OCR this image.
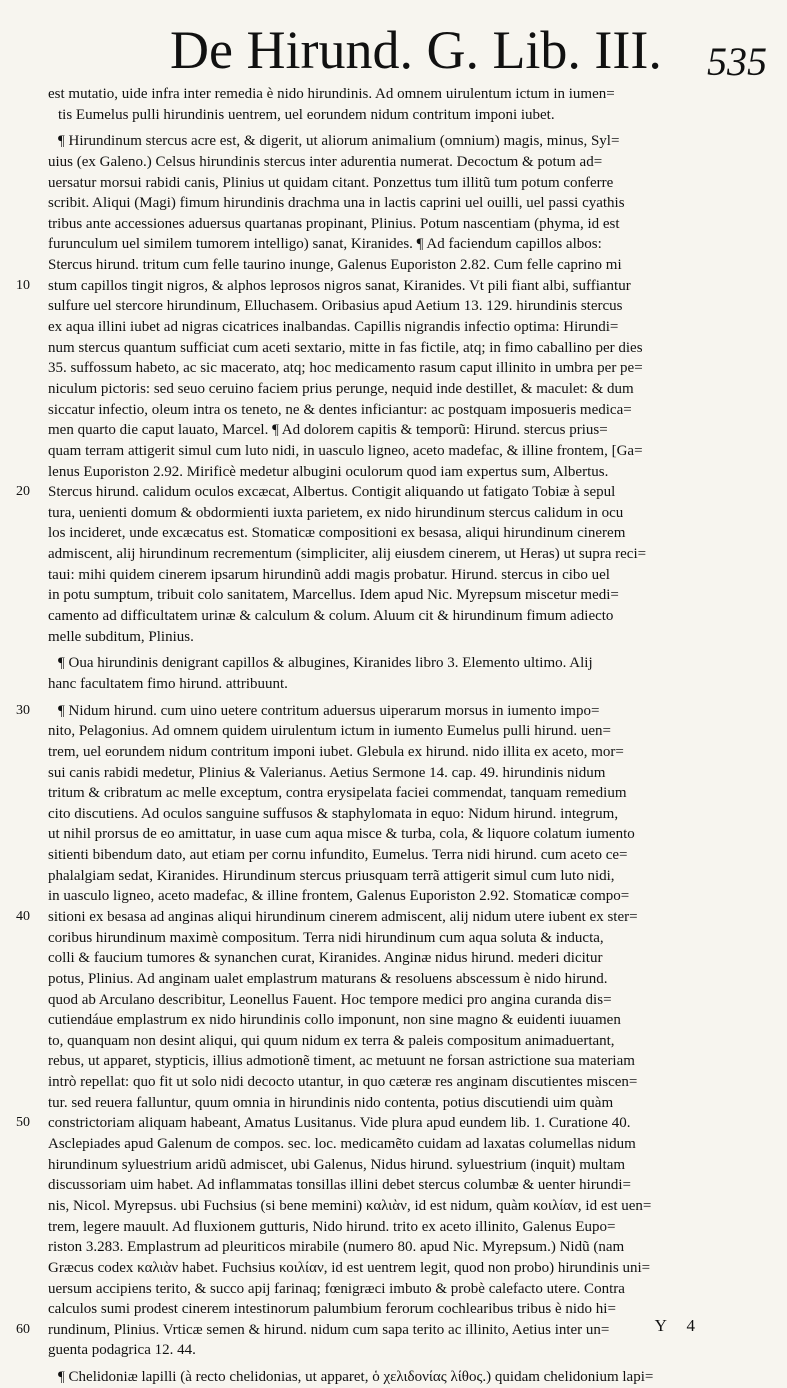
De Hirund. G. Lib. III. 535
est mutatio, uide infra inter remedia è nido hirundinis. Ad omnem uirulentum ictum in iumen=
tis Eumelus pulli hirundinis uentrem, uel eorundem nidum contritum imponi iubet.
¶ Hirundinum stercus acre est, & digerit, ut aliorum animalium (omnium) magis, minus, Syl=
uius (ex Galeno.) Celsus hirundinis stercus inter adurentia numerat. Decoctum & potum ad=
uersatur morsui rabidi canis, Plinius ut quidam citant. Ponzettus tum illitũ tum potum conferre
scribit. Aliqui (Magi) fimum hirundinis drachma una in lactis caprini uel ouilli, uel passi cyathis
tribus ante accessiones aduersus quartanas propinant, Plinius. Potum nascentiam (phyma, id est
furunculum uel similem tumorem intelligo) sanat, Kiranides. ¶ Ad faciendum capillos albos:
Stercus hirund. tritum cum felle taurino inunge, Galenus Euporiston 2.82. Cum felle caprino mi
10	stum capillos tingit nigros, & alphos leprosos nigros sanat, Kiranides. Vt pili fiant albi, suffiantur
sulfure uel stercore hirundinum, Elluchasem. Oribasius apud Aetium 13. 129. hirundinis stercus
ex aqua illini iubet ad nigras cicatrices inalbandas. Capillis nigrandis infectio optima: Hirundi=
num stercus quantum sufficiat cum aceti sextario, mitte in fas fictile, atq; in fimo caballino per dies
35. suffossum habeto, ac sic macerato, atq; hoc medicamento rasum caput illinito in umbra per pe=
niculum pictoris: sed seuo ceruino faciem prius perunge, nequid inde destillet, & maculet: & dum
siccatur infectio, oleum intra os teneto, ne & dentes inficiantur: ac postquam imposueris medica=
men quarto die caput lauato, Marcel. ¶ Ad dolorem capitis & temporũ: Hirund. stercus prius=
quam terram attigerit simul cum luto nidi, in uasculo ligneo, aceto madefac, & illine frontem, [Ga=
lenus Euporiston 2.92. Mirificè medetur albugini oculorum quod iam expertus sum, Albertus.
20	Stercus hirund. calidum oculos excæcat, Albertus. Contigit aliquando ut fatigato Tobiæ à sepul
tura, uenienti domum & obdormienti iuxta parietem, ex nido hirundinum stercus calidum in ocu
los incideret, unde excæcatus est. Stomaticæ compositioni ex besasa, aliqui hirundinum cinerem
admiscent, alij hirundinum recrementum (simpliciter, alij eiusdem cinerem, ut Heras) ut supra reci=
taui: mihi quidem cinerem ipsarum hirundinũ addi magis probatur. Hirund. stercus in cibo uel
in potu sumptum, tribuit colo sanitatem, Marcellus. Idem apud Nic. Myrepsum miscetur medi=
camento ad difficultatem urinæ & calculum & colum. Aluum cit & hirundinum fimum adiecto
melle subditum, Plinius.
¶ Oua hirundinis denigrant capillos & albugines, Kiranides libro 3. Elemento ultimo. Alij
hanc facultatem fimo hirund. attribuunt.
30	¶ Nidum hirund. cum uino uetere contritum aduersus uiperarum morsus in iumento impo=
nito, Pelagonius. Ad omnem quidem uirulentum ictum in iumento Eumelus pulli hirund. uen=
trem, uel eorundem nidum contritum imponi iubet. Glebula ex hirund. nido illita ex aceto, mor=
sui canis rabidi medetur, Plinius & Valerianus. Aetius Sermone 14. cap. 49. hirundinis nidum
tritum & cribratum ac melle exceptum, contra erysipelata faciei commendat, tanquam remedium
cito discutiens. Ad oculos sanguine suffusos & staphylomata in equo: Nidum hirund. integrum,
ut nihil prorsus de eo amittatur, in uase cum aqua misce & turba, cola, & liquore colatum iumento
sitienti bibendum dato, aut etiam per cornu infundito, Eumelus. Terra nidi hirund. cum aceto ce=
phalalgiam sedat, Kiranides. Hirundinum stercus priusquam terrã attigerit simul cum luto nidi,
in uasculo ligneo, aceto madefac, & illine frontem, Galenus Euporiston 2.92. Stomaticæ compo=
40	sitioni ex besasa ad anginas aliqui hirundinum cinerem admiscent, alij nidum utere iubent ex ster=
coribus hirundinum maximè compositum. Terra nidi hirundinum cum aqua soluta & inducta,
colli & faucium tumores & synanchen curat, Kiranides. Anginæ nidus hirund. mederi dicitur
potus, Plinius. Ad anginam ualet emplastrum maturans & resoluens abscessum è nido hirund.
quod ab Arculano describitur, Leonellus Fauent. Hoc tempore medici pro angina curanda dis=
cutiendáue emplastrum ex nido hirundinis collo imponunt, non sine magno & euidenti iuuamen
to, quanquam non desint aliqui, qui quum nidum ex terra & paleis compositum animaduertant,
rebus, ut apparet, stypticis, illius admotionẽ timent, ac metuunt ne forsan astrictione sua materiam
intrò repellat: quo fit ut solo nidi decocto utantur, in quo cæteræ res anginam discutientes miscen=
tur. sed reuera falluntur, quum omnia in hirundinis nido contenta, potius discutiendi uim quàm
50	constrictoriam aliquam habeant, Amatus Lusitanus. Vide plura apud eundem lib. 1. Curatione 40.
Asclepiades apud Galenum de compos. sec. loc. medicamẽto cuidam ad laxatas columellas nidum
hirundinum syluestrium aridũ admiscet, ubi Galenus, Nidus hirund. syluestrium (inquit) multam
discussoriam uim habet. Ad inflammatas tonsillas illini debet stercus columbæ & uenter hirundi=
nis, Nicol. Myrepsus. ubi Fuchsius (si bene memini) καλιὰν, id est nidum, quàm κοιλίαν, id est uen=
trem, legere mauult. Ad fluxionem gutturis, Nido hirund. trito ex aceto illinito, Galenus Eupo=
riston 3.283. Emplastrum ad pleuriticos mirabile (numero 80. apud Nic. Myrepsum.) Nidũ (nam
Græcus codex καλιὰν habet. Fuchsius κοιλίαν, id est uentrem legit, quod non probo) hirundinis uni=
uersum accipiens terito, & succo apij farinaq; fœnigræci imbuto & probè calefacto utere. Contra
calculos sumi prodest cinerem intestinorum palumbium ferorum cochlearibus tribus è nido hi=
60	rundinum, Plinius. Vrticæ semen & hirund. nidum cum sapa terito ac illinito, Aetius inter un=
guenta podagrica 12. 44.
¶ Chelidoniæ lapilli (à recto chelidonias, ut apparet, ὁ χελιδονίας λίθος.) quidam chelidonium lapi=
Y 4
